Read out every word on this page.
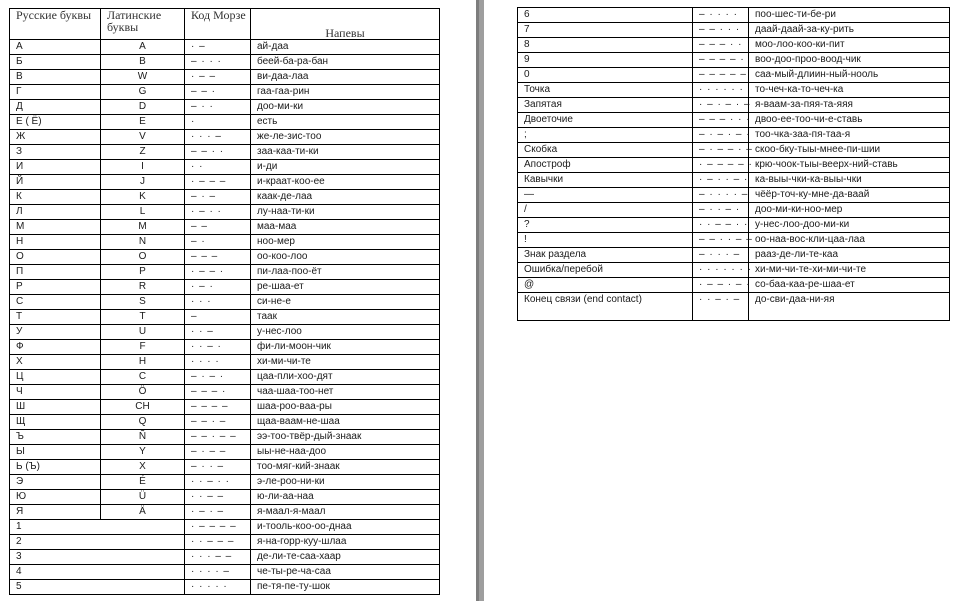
Русские буквы	Латинские буквы	Код Морзе	Напевы
А	A	· –	ай-даа
Б	B	– · · ·	беей-ба-ра-бан
В	W	· – –	ви-даа-лаа
Г	G	– – ·	гаа-гаа-рин
Д	D	– · ·	доо-ми-ки
Е ( Ё)	E	·	есть
Ж	V	· · · –	же-ле-зис-тоо
З	Z	– – · ·	заа-каа-ти-ки
И	I	· ·	и-ди
Й	J	· – – –	и-краат-коо-ее
К	K	– · –	каак-де-лаа
Л	L	· – · ·	лу-наа-ти-ки
М	M	– –	маа-маа
Н	N	– ·	ноо-мер
О	O	– – –	оо-коо-лоо
П	P	· – – ·	пи-лаа-поо-ёт
Р	R	· – ·	ре-шаа-ет
С	S	· · ·	си-не-е
Т	T	–	таак
У	U	· · –	у-нес-лоо
Ф	F	· · – ·	фи-ли-моон-чик
Х	H	· · · ·	хи-ми-чи-те
Ц	C	– · – ·	цаа-пли-хоо-дят
Ч	Ö	– – – ·	чаа-шаа-тоо-нет
Ш	CH	– – – –	шаа-роо-ваа-ры
Щ	Q	– – · –	щаа-ваам-не-шаа
Ъ	Ñ	– – · – –	ээ-тоо-твёр-дый-знаак
Ы	Y	– · – –	ыы-не-наа-доо
Ь (Ъ)	X	– · · –	тоо-мяг-кий-знаак
Э	É	· · – · ·	э-ле-роо-ни-ки
Ю	Ü	· · – –	ю-ли-аа-наа
Я	Ä	· – · –	я-маал-я-маал
1		· – – – –	и-тооль-коо-оо-днаа
2		· · – – –	я-на-горр-куу-шлаа
3		· · · – –	де-ли-те-саа-хаар
4		· · · · –	че-ты-ре-ча-саа
5		· · · · ·	пе-тя-пе-ту-шок
6	– · · · ·	поо-шес-ти-бе-ри
7	– – · · ·	даай-даай-за-ку-рить
8	– – – · ·	моо-лоо-коо-ки-пит
9	– – – – ·	воо-доо-проо-воод-чик
0	– – – – –	саа-мый-длиин-ный-нооль
Точка	· · · · · ·	то-чеч-ка-то-чеч-ка
Запятая	· – · – · –	я-ваам-за-пяя-та-яяя
Двоеточие	– – – · · ·	двоо-ее-тоо-чи-е-ставь
;	– · – · – ·	тоо-чка-заа-пя-таа-я
Скобка	– · – – · –	скоо-бку-тыы-мнее-пи-шии
Апостроф	· – – – – ·	крю-чоок-тыы-веерх-ний-ставь
Кавычки	· – · · – ·	ка-выы-чки-ка-выы-чки
—	– · · · · –	чёёр-точ-ку-мне-да-ваай
/	– · · – ·	доо-ми-ки-ноо-мер
?	· · – – · ·	у-нес-лоо-доо-ми-ки
!	– – · · – –	оо-наа-вос-кли-цаа-лаа
Знак раздела	– · · · –	рааз-де-ли-те-каа
Ошибка/перебой	· · · · · · · ·	хи-ми-чи-те-хи-ми-чи-те
@	· – – · – ·	со-баа-каа-ре-шаа-ет
Конец связи (end contact)	· · – · –	до-сви-даа-ни-яя
